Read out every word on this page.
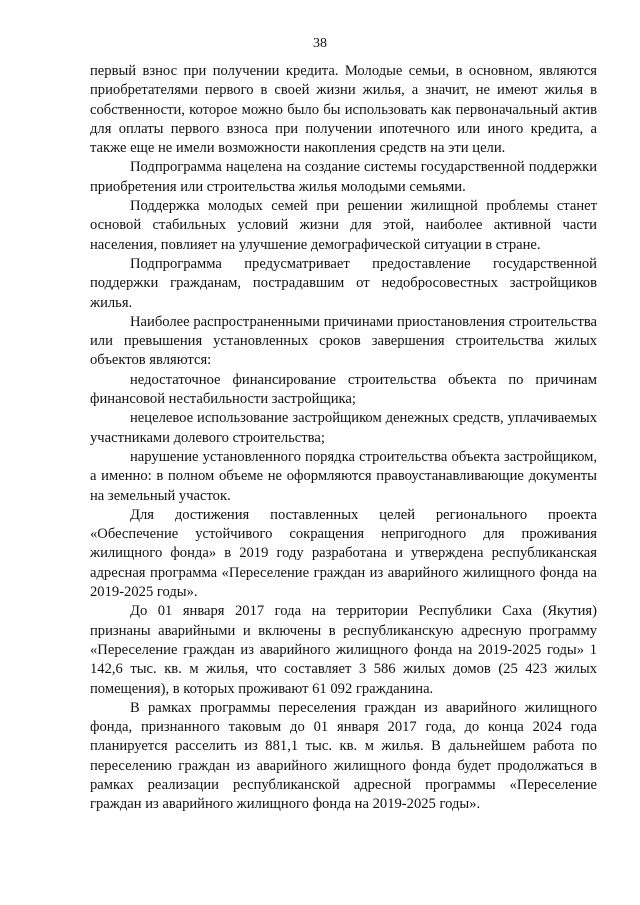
38

первый взнос при получении кредита. Молодые семьи, в основном, являются приобретателями первого в своей жизни жилья, а значит, не имеют жилья в собственности, которое можно было бы использовать как первоначальный актив для оплаты первого взноса при получении ипотечного или иного кредита, а также еще не имели возможности накопления средств на эти цели.

Подпрограмма нацелена на создание системы государственной поддержки приобретения или строительства жилья молодыми семьями.

Поддержка молодых семей при решении жилищной проблемы станет основой стабильных условий жизни для этой, наиболее активной части населения, повлияет на улучшение демографической ситуации в стране.

Подпрограмма предусматривает предоставление государственной поддержки гражданам, пострадавшим от недобросовестных застройщиков жилья.

Наиболее распространенными причинами приостановления строительства или превышения установленных сроков завершения строительства жилых объектов являются:

недостаточное финансирование строительства объекта по причинам финансовой нестабильности застройщика;

нецелевое использование застройщиком денежных средств, уплачиваемых участниками долевого строительства;

нарушение установленного порядка строительства объекта застройщиком, а именно: в полном объеме не оформляются правоустанавливающие документы на земельный участок.

Для достижения поставленных целей регионального проекта «Обеспечение устойчивого сокращения непригодного для проживания жилищного фонда» в 2019 году разработана и утверждена республиканская адресная программа «Переселение граждан из аварийного жилищного фонда на 2019-2025 годы».

До 01 января 2017 года на территории Республики Саха (Якутия) признаны аварийными и включены в республиканскую адресную программу «Переселение граждан из аварийного жилищного фонда на 2019-2025 годы» 1 142,6 тыс. кв. м жилья, что составляет 3 586 жилых домов (25 423 жилых помещения), в которых проживают 61 092 гражданина.

В рамках программы переселения граждан из аварийного жилищного фонда, признанного таковым до 01 января 2017 года, до конца 2024 года планируется расселить из 881,1 тыс. кв. м жилья. В дальнейшем работа по переселению граждан из аварийного жилищного фонда будет продолжаться в рамках реализации республиканской адресной программы «Переселение граждан из аварийного жилищного фонда на 2019-2025 годы».
